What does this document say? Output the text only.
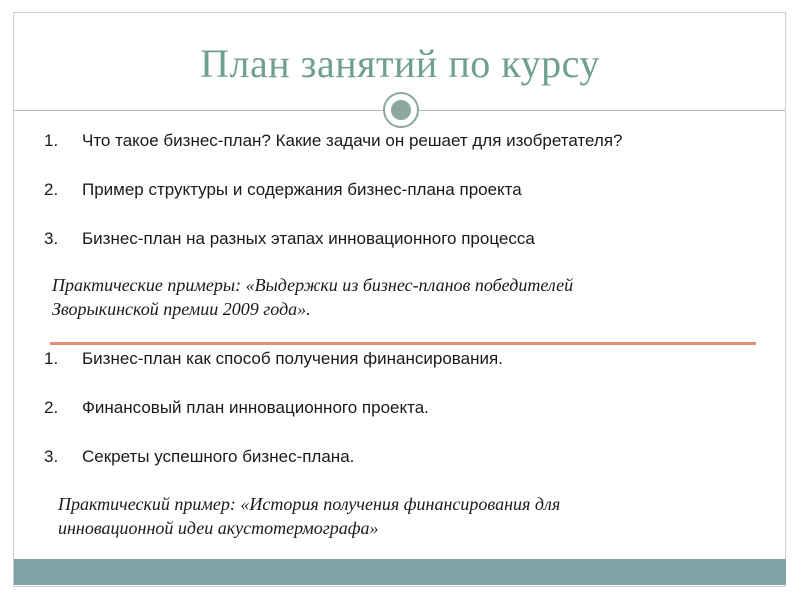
План занятий по курсу
1.	Что такое бизнес-план? Какие задачи он решает для изобретателя?
2.	Пример структуры и содержания бизнес-плана проекта
3.	Бизнес-план на разных этапах инновационного процесса
Практические примеры: «Выдержки из бизнес-планов победителей
Зворыкинской премии 2009 года».
1.	Бизнес-план как способ получения финансирования.
2.	Финансовый план инновационного проекта.
3.	Секреты успешного бизнес-плана.
Практический пример: «История получения финансирования для
инновационной идеи акустотермографа»
